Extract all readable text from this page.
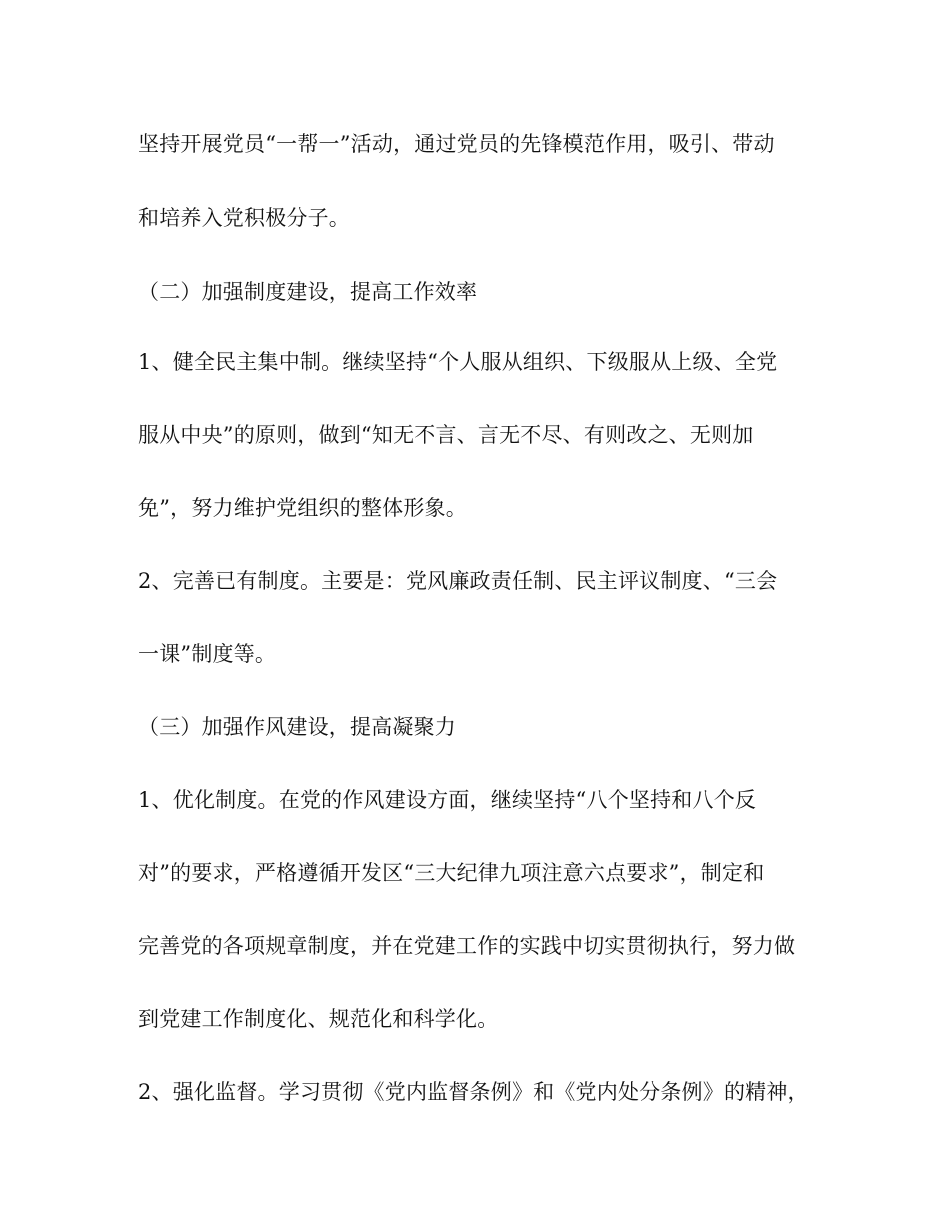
坚持开展党员“一帮一”活动，通过党员的先锋模范作用，吸引、带动
和培养入党积极分子。
（二）加强制度建设，提高工作效率
1、健全民主集中制。继续坚持“个人服从组织、下级服从上级、全党
服从中央”的原则，做到“知无不言、言无不尽、有则改之、无则加
免”，努力维护党组织的整体形象。
2、完善已有制度。主要是：党风廉政责任制、民主评议制度、“三会
一课”制度等。
（三）加强作风建设，提高凝聚力
1、优化制度。在党的作风建设方面，继续坚持“八个坚持和八个反
对”的要求，严格遵循开发区“三大纪律九项注意六点要求”，制定和
完善党的各项规章制度，并在党建工作的实践中切实贯彻执行，努力做
到党建工作制度化、规范化和科学化。
2、强化监督。学习贯彻《党内监督条例》和《党内处分条例》的精神，
